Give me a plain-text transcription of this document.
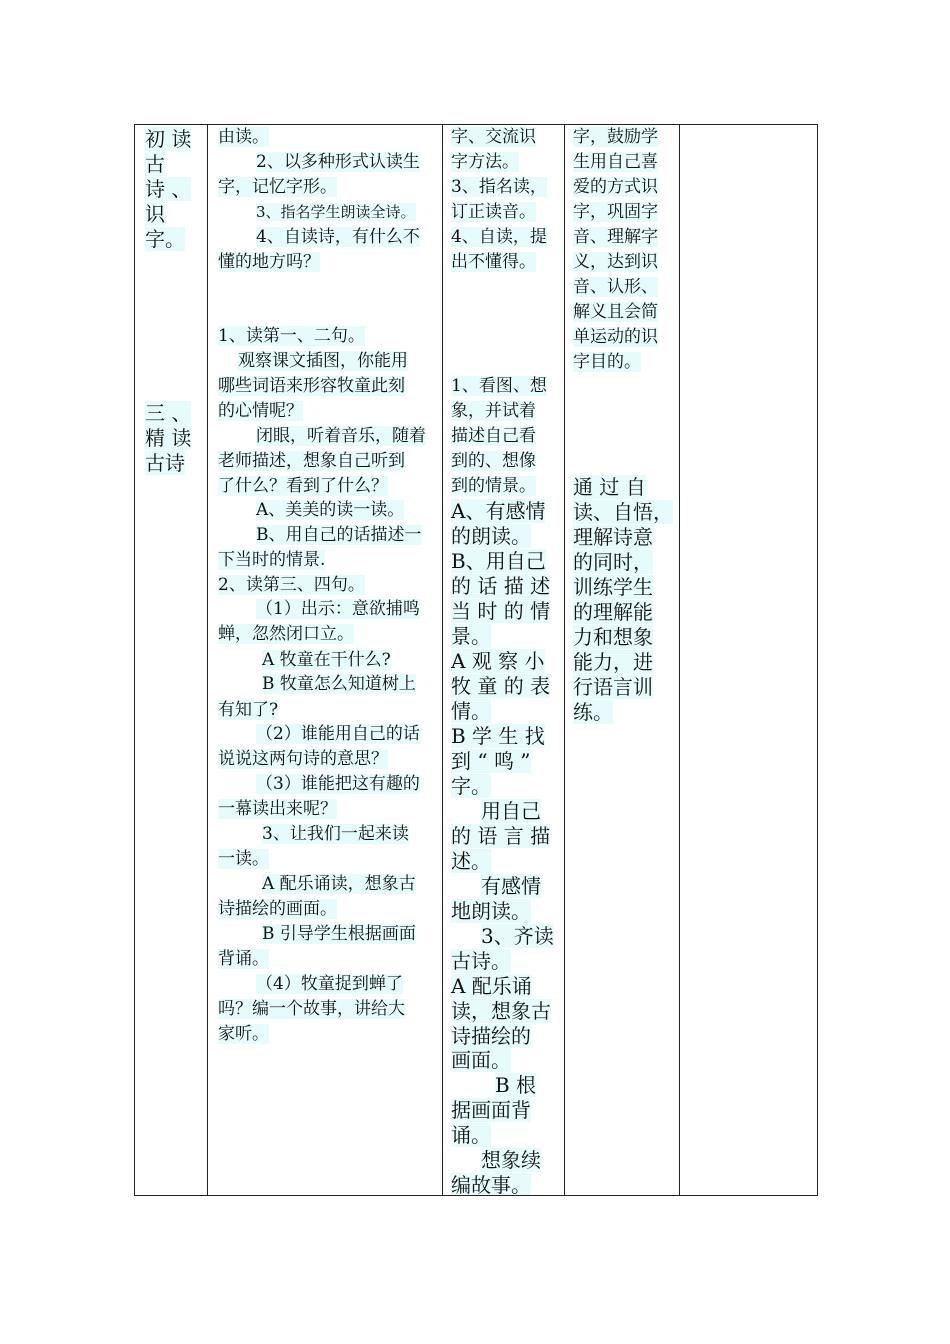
初 读
古
诗 、
识
字。
三 、
精 读
古诗

由读。
2、以多种形式认读生
字，记忆字形。
3、指名学生朗读全诗。
4、自读诗，有什么不
懂的地方吗？
1、读第一、二句。
观察课文插图，你能用
哪些词语来形容牧童此刻
的心情呢？
闭眼，听着音乐，随着
老师描述，想象自己听到
了什么？看到了什么？
A、美美的读一读。
B、用自己的话描述一
下当时的情景.
2、读第三、四句。
（1）出示：意欲捕鸣
蝉，忽然闭口立。
A 牧童在干什么?
B 牧童怎么知道树上
有知了?
（2）谁能用自己的话
说说这两句诗的意思？
（3）谁能把这有趣的
一幕读出来呢？
3、让我们一起来读
一读。
A 配乐诵读，想象古
诗描绘的画面。
B 引导学生根据画面
背诵。
（4）牧童捉到蝉了
吗？编一个故事，讲给大
家听。

字、交流识
字方法。
3、指名读，
订正读音。
4、自读，提
出不懂得。
1、看图、想
象，并试着
描述自己看
到的、想像
到的情景。
A、有感情
的朗读。
B、用自己
的 话 描 述
当 时 的 情
景。
A 观 察 小
牧 童 的 表
情。
B 学 生 找
到 “ 鸣 ”
字。
用自己
的 语 言 描
述。
有感情
地朗读。
3、齐读
古诗。
A 配乐诵
读，想象古
诗描绘的
画面。
B 根
据画面背
诵。
想象续
编故事。

字，鼓励学
生用自己喜
爱的方式识
字，巩固字
音、理解字
义，达到识
音、认形、
解义且会简
单运动的识
字目的。
通 过 自
读、自悟，
理解诗意
的同时，
训练学生
的理解能
力和想象
能力，进
行语言训
练。
